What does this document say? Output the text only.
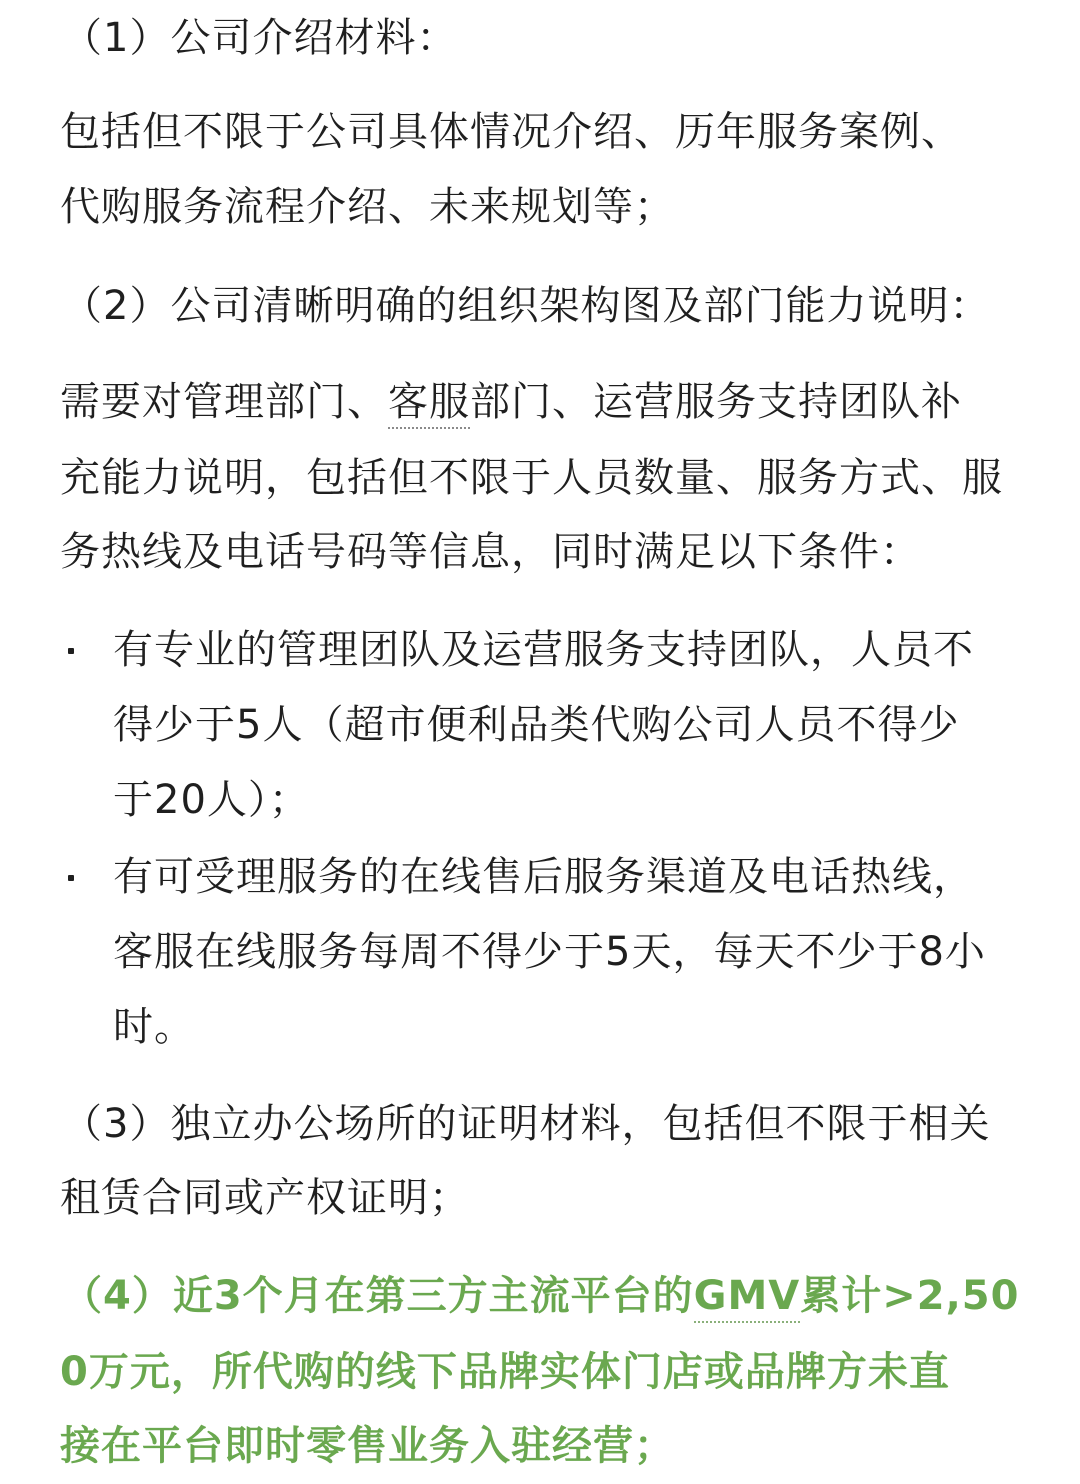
（1）公司介绍材料：
包括但不限于公司具体情况介绍、历年服务案例、
代购服务流程介绍、未来规划等；
（2）公司清晰明确的组织架构图及部门能力说明：
需要对管理部门、客服部门、运营服务支持团队补
充能力说明，包括但不限于人员数量、服务方式、服
务热线及电话号码等信息，同时满足以下条件：
有专业的管理团队及运营服务支持团队，人员不
得少于5人（超市便利品类代购公司人员不得少
于20人）；
有可受理服务的在线售后服务渠道及电话热线，
客服在线服务每周不得少于5天，每天不少于8小
时。
（3）独立办公场所的证明材料，包括但不限于相关
租赁合同或产权证明；
（4）近3个月在第三方主流平台的GMV累计>2,50
0万元，所代购的线下品牌实体门店或品牌方未直
接在平台即时零售业务入驻经营；
